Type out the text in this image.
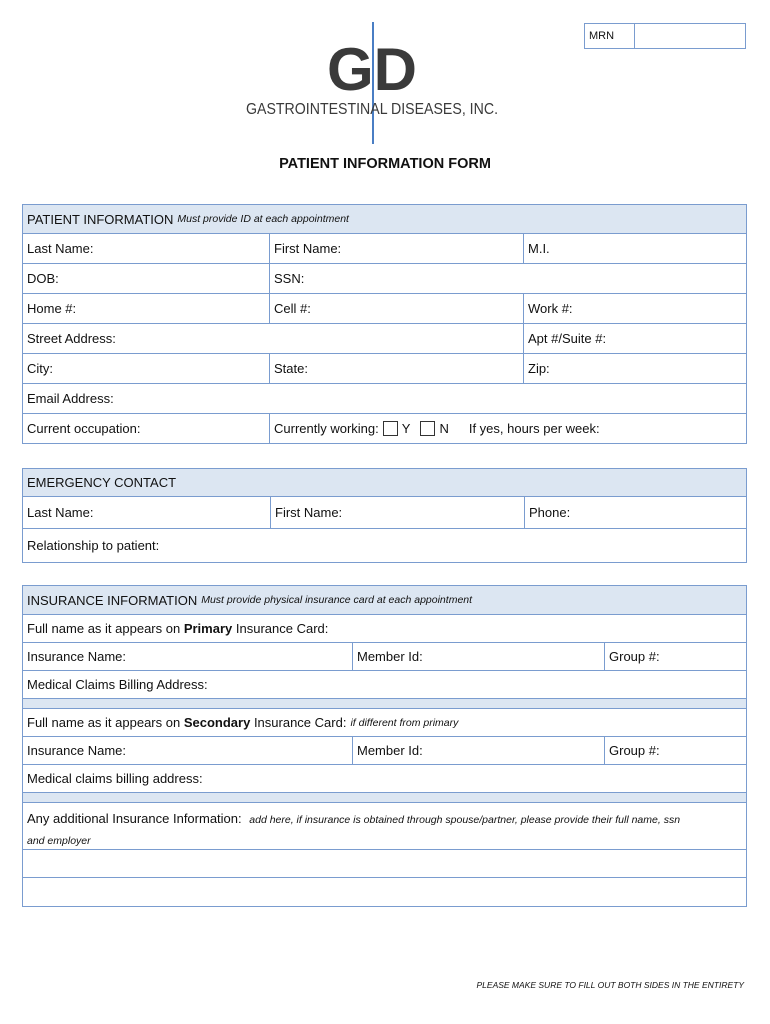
MRN
GD
GASTROINTESTINAL DISEASES, INC.
PATIENT INFORMATION FORM
PATIENT INFORMATION Must provide ID at each appointment
Last Name:	First Name:	M.I.
DOB:	SSN:
Home #:	Cell #:	Work #:
Street Address:	Apt #/Suite #:
City:	State:	Zip:
Email Address:
Current occupation:	Currently working: Y N If yes, hours per week:
EMERGENCY CONTACT
Last Name:	First Name:	Phone:
Relationship to patient:
INSURANCE INFORMATION Must provide physical insurance card at each appointment
Full name as it appears on
Primary
Insurance Card:
Insurance Name:	Member Id:	Group #:
Medical Claims Billing Address:
Full name as it appears on
Secondary
Insurance Card: if different from primary
Insurance Name:	Member Id:	Group #:
Medical claims billing address:
Any additional Insurance Information: add here, if insurance is obtained through spouse/partner, please provide their full name, ssn
and employer
PLEASE MAKE SURE TO FILL OUT BOTH SIDES IN THE ENTIRETY
